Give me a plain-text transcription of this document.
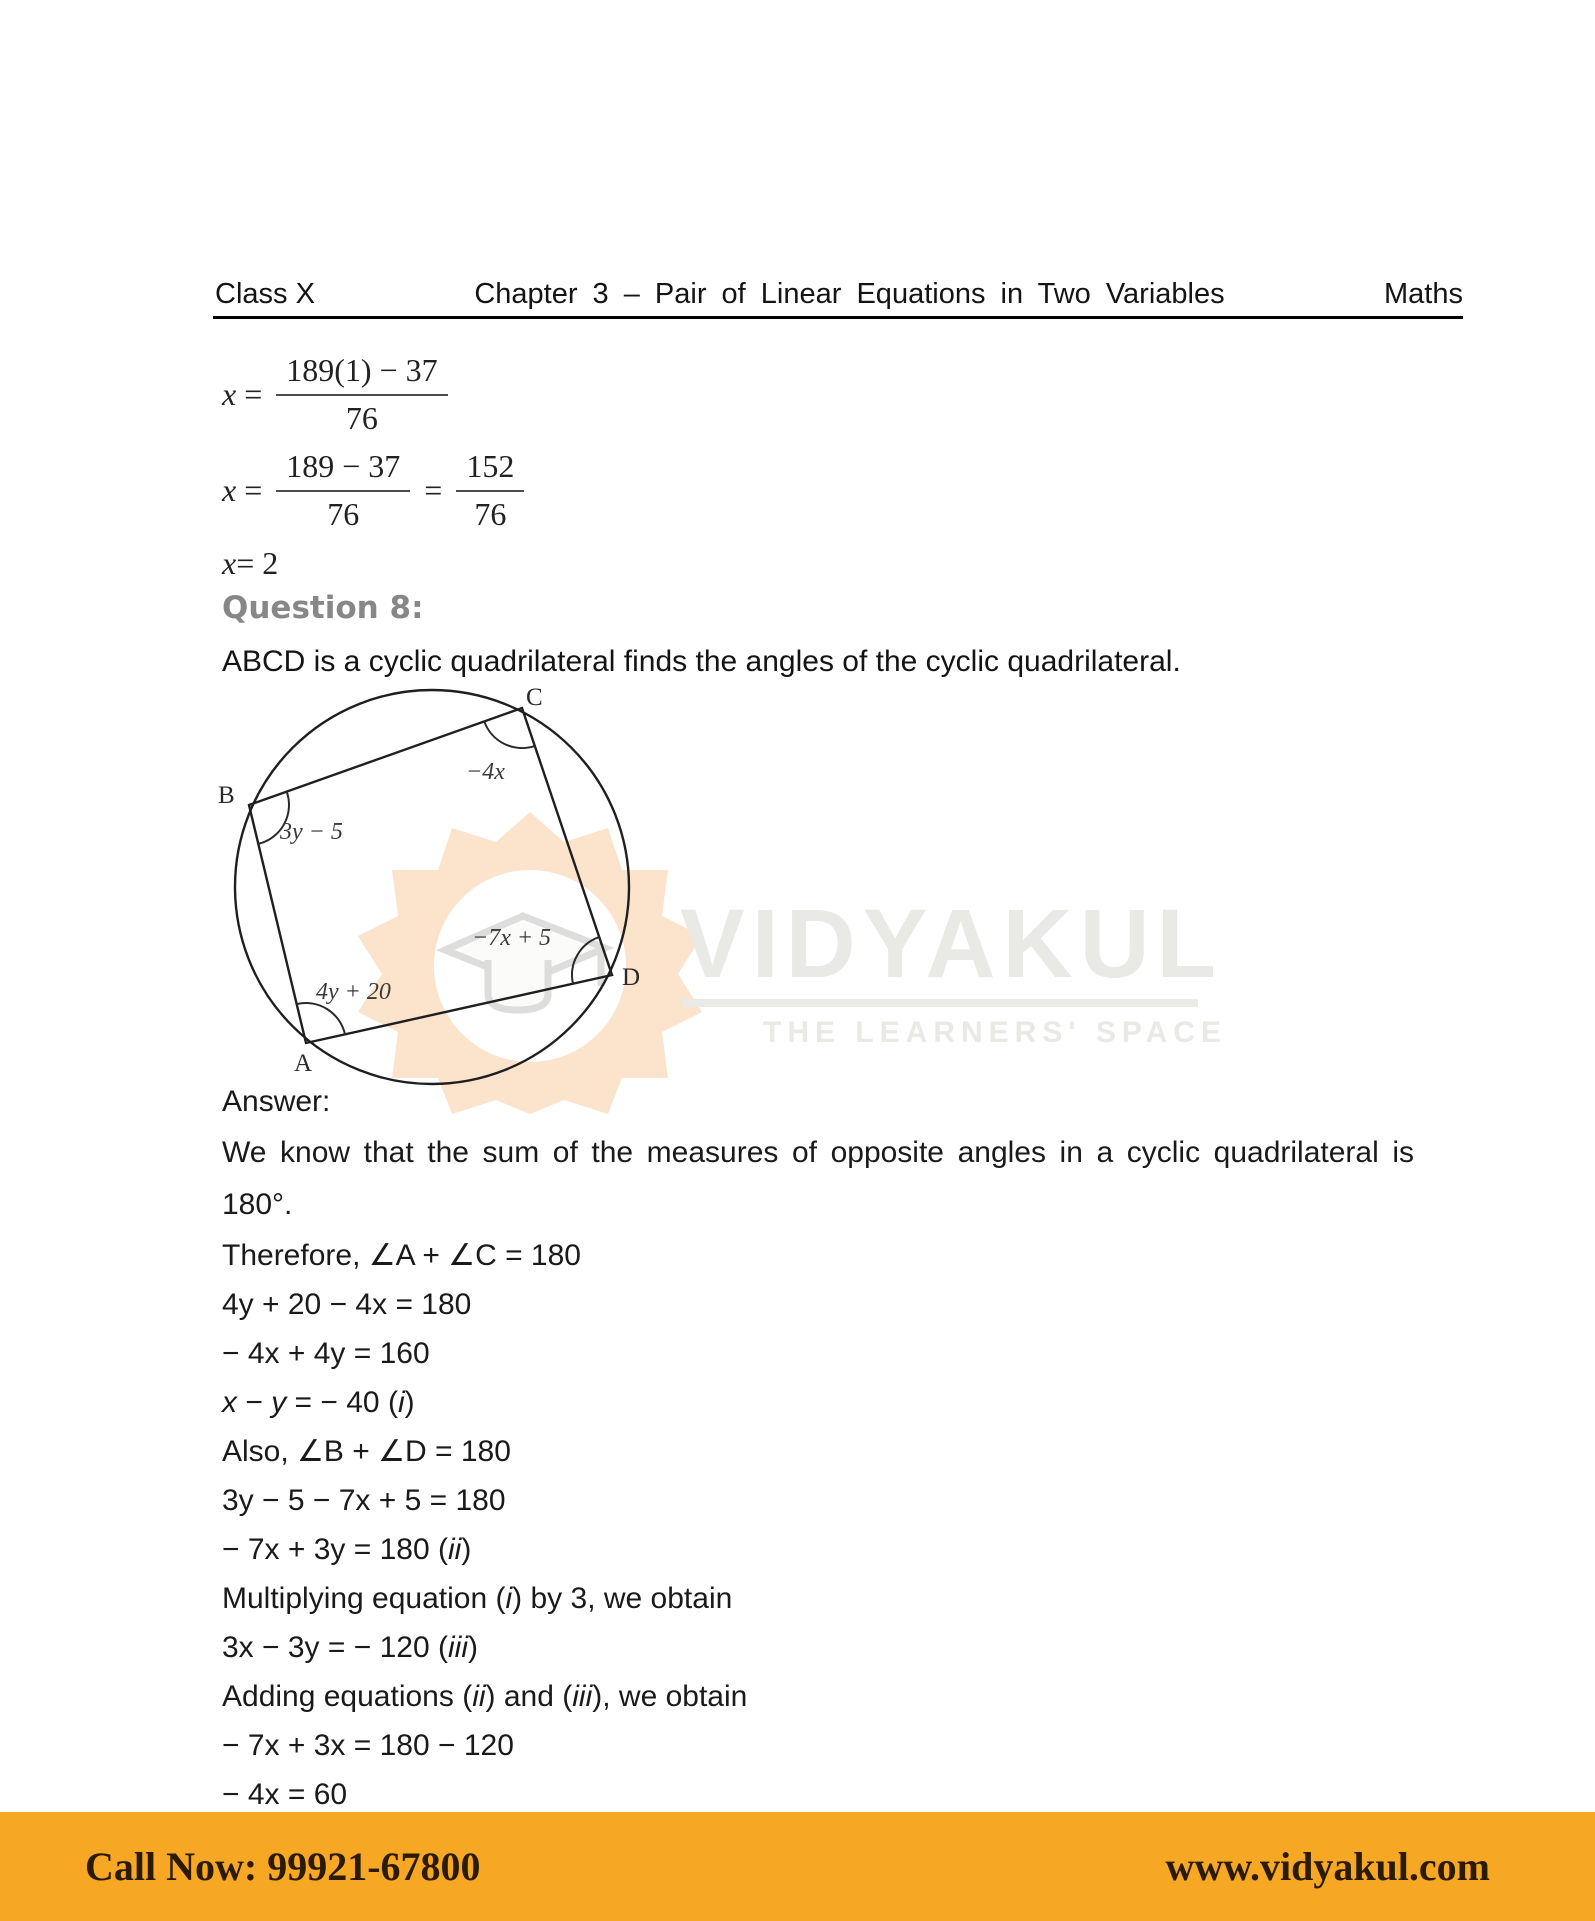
Class X	Chapter 3 – Pair of Linear Equations in Two Variables	Maths
$x = \frac{189(1) - 37}{76}$
$x = \frac{189 - 37}{76} = \frac{152}{76}$
x = 2
Question 8:
ABCD is a cyclic quadrilateral finds the angles of the cyclic quadrilateral.
VIDYAKUL
THE LEARNERS' SPACE
B
C
D
A
−4x
3y − 5
−7x + 5
4y + 20
Answer:
We know that the sum of the measures of opposite angles in a cyclic quadrilateral is
180°.
Therefore, ∠A + ∠C = 180
4y + 20 − 4x = 180
− 4x + 4y = 160
x − y = − 40 (i)
Also, ∠B + ∠D = 180
3y − 5 − 7x + 5 = 180
− 7x + 3y = 180 (ii)
Multiplying equation (i) by 3, we obtain
3x − 3y = − 120 (iii)
Adding equations (ii) and (iii), we obtain
− 7x + 3x = 180 − 120
− 4x = 60
Call Now: 99921-67800	www.vidyakul.com
